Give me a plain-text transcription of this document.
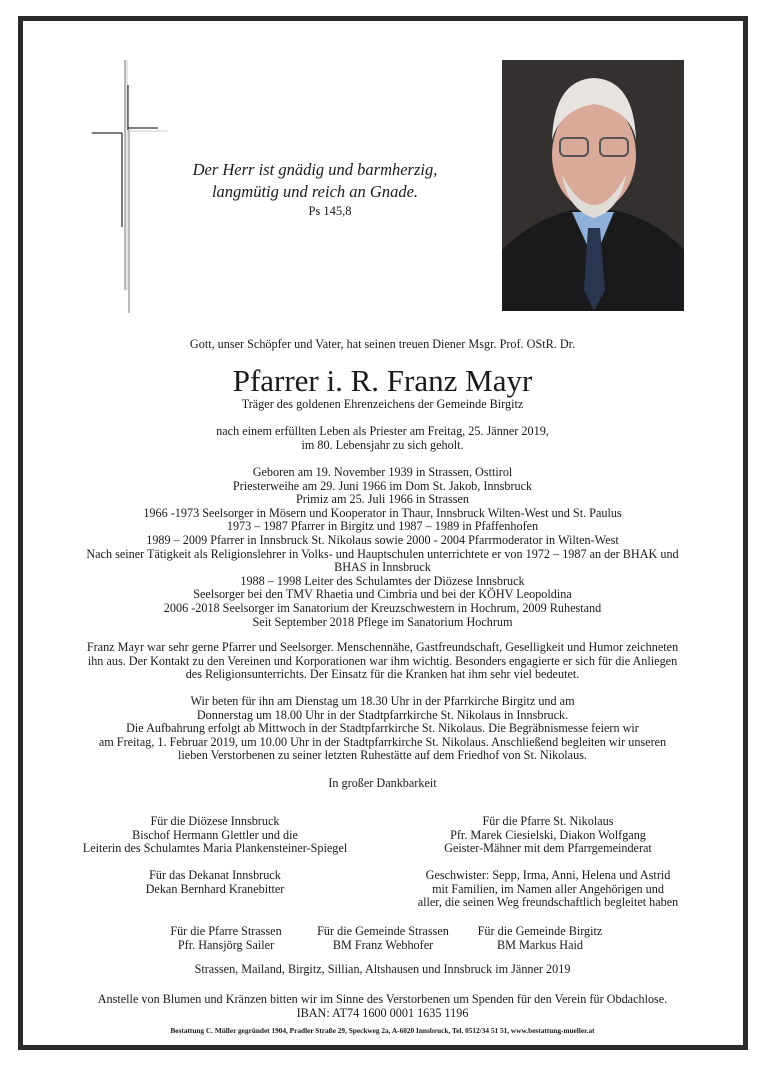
Der Herr ist gnädig und barmherzig,
langmütig und reich an Gnade.
Ps 145,8
Gott, unser Schöpfer und Vater, hat seinen treuen Diener Msgr. Prof. OStR. Dr.
Pfarrer i. R. Franz Mayr
Träger des goldenen Ehrenzeichens der Gemeinde Birgitz
nach einem erfüllten Leben als Priester am Freitag, 25. Jänner 2019,
im 80. Lebensjahr zu sich geholt.
Geboren am 19. November 1939 in Strassen, Osttirol
Priesterweihe am 29. Juni 1966 im Dom St. Jakob, Innsbruck
Primiz am 25. Juli 1966 in Strassen
1966 -1973 Seelsorger in Mösern und Kooperator in Thaur, Innsbruck Wilten-West und St. Paulus
1973 – 1987 Pfarrer in Birgitz und 1987 – 1989 in Pfaffenhofen
1989 – 2009 Pfarrer in Innsbruck St. Nikolaus sowie 2000 - 2004 Pfarrmoderator in Wilten-West
Nach seiner Tätigkeit als Religionslehrer in Volks- und Hauptschulen unterrichtete er von 1972 – 1987 an der BHAK und
BHAS in Innsbruck
1988 – 1998 Leiter des Schulamtes der Diözese Innsbruck
Seelsorger bei den TMV Rhaetia und Cimbria und bei der KÖHV Leopoldina
2006 -2018 Seelsorger im Sanatorium der Kreuzschwestern in Hochrum, 2009 Ruhestand
Seit September 2018 Pflege im Sanatorium Hochrum
Franz Mayr war sehr gerne Pfarrer und Seelsorger. Menschennähe, Gastfreundschaft, Geselligkeit und Humor zeichneten
ihn aus. Der Kontakt zu den Vereinen und Korporationen war ihm wichtig. Besonders engagierte er sich für die Anliegen
des Religionsunterrichts. Der Einsatz für die Kranken hat ihm sehr viel bedeutet.
Wir beten für ihn am Dienstag um 18.30 Uhr in der Pfarrkirche Birgitz und am
Donnerstag um 18.00 Uhr in der Stadtpfarrkirche St. Nikolaus in Innsbruck.
Die Aufbahrung erfolgt ab Mittwoch in der Stadtpfarrkirche St. Nikolaus. Die Begräbnismesse feiern wir
am Freitag, 1. Februar 2019, um 10.00 Uhr in der Stadtpfarrkirche St. Nikolaus. Anschließend begleiten wir unseren
lieben Verstorbenen zu seiner letzten Ruhestätte auf dem Friedhof von St. Nikolaus.
In großer Dankbarkeit
Für die Diözese Innsbruck
Bischof Hermann Glettler und die
Leiterin des Schulamtes Maria Plankensteiner-Spiegel
Für die Pfarre St. Nikolaus
Pfr. Marek Ciesielski, Diakon Wolfgang
Geister-Mähner mit dem Pfarrgemeinderat
Für das Dekanat Innsbruck
Dekan Bernhard Kranebitter
Geschwister: Sepp, Irma, Anni, Helena und Astrid
mit Familien, im Namen aller Angehörigen und
aller, die seinen Weg freundschaftlich begleitet haben
Für die Pfarre Strassen
Pfr. Hansjörg Sailer
Für die Gemeinde Strassen
BM Franz Webhofer
Für die Gemeinde Birgitz
BM Markus Haid
Strassen, Mailand, Birgitz, Sillian, Altshausen und Innsbruck im Jänner 2019
Anstelle von Blumen und Kränzen bitten wir im Sinne des Verstorbenen um Spenden für den Verein für Obdachlose.
IBAN: AT74 1600 0001 1635 1196
Bestattung C. Müller gegründet 1904, Pradler Straße 29, Speckweg 2a, A-6020 Innsbruck, Tel. 0512/34 51 51, www.bestattung-mueller.at
